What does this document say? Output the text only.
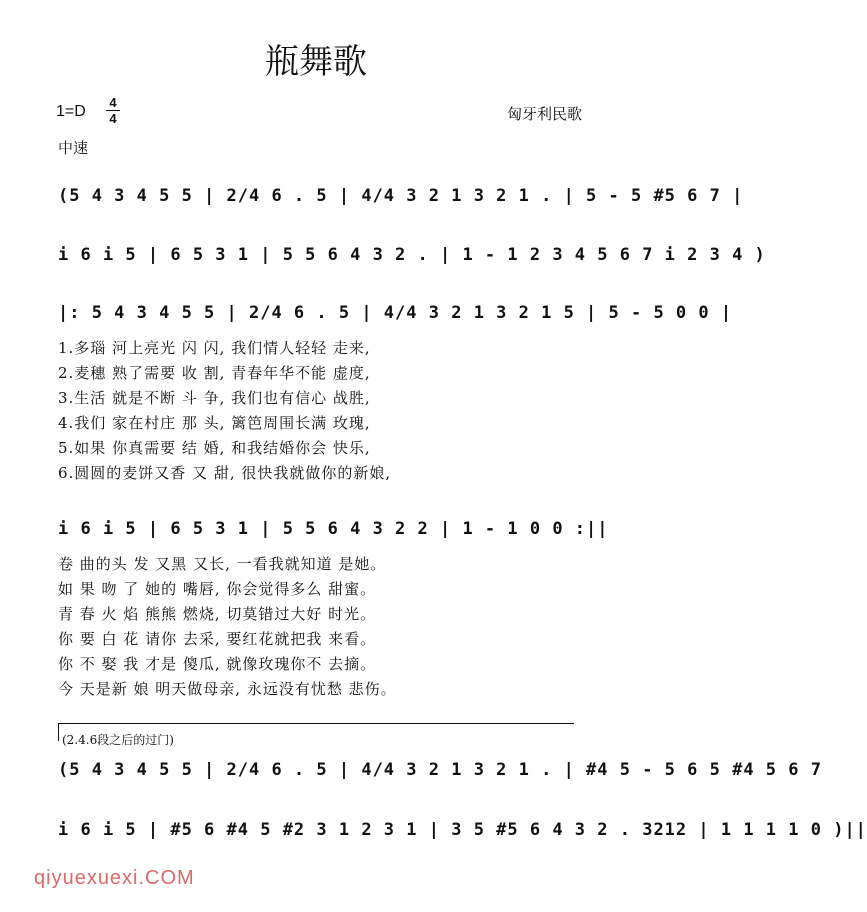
瓶舞歌
1=D
4
4	匈牙利民歌
中速
(5 4 3 4 5 5 | 2/4 6 . 5 | 4/4 3 2 1 3 2 1 . | 5 - 5 #5 6 7 |
i 6 i 5 | 6 5 3 1 | 5 5 6 4 3 2 . | 1 - 1 2 3 4 5 6 7 i 2 3 4 )
|: 5 4 3 4 5 5 | 2/4 6 . 5 | 4/4 3 2 1 3 2 1 5 | 5 - 5 0 0 |
1.多瑙 河上亮光 闪 闪, 我们情人轻轻 走来,
2.麦穗 熟了需要 收 割, 青春年华不能 虚度,
3.生活 就是不断 斗 争, 我们也有信心 战胜,
4.我们 家在村庄 那 头, 篱笆周围长满 玫瑰,
5.如果 你真需要 结 婚, 和我结婚你会 快乐,
6.圆圆的麦饼又香 又 甜, 很快我就做你的新娘,
i 6 i 5 | 6 5 3 1 | 5 5 6 4 3 2 2 | 1 - 1 0 0 :||
卷 曲的头 发 又黑 又长, 一看我就知道 是她。
如 果 吻 了 她的 嘴唇, 你会觉得多么 甜蜜。
青 春 火 焰 熊熊 燃烧, 切莫错过大好 时光。
你 要 白 花 请你 去采, 要红花就把我 来看。
你 不 娶 我 才是 傻瓜, 就像玫瑰你不 去摘。
今 天是新 娘 明天做母亲, 永远没有忧愁 悲伤。
(2.4.6段之后的过门)
(5 4 3 4 5 5 | 2/4 6 . 5 | 4/4 3 2 1 3 2 1 . | #4 5 - 5 6 5 #4 5 6 7
i 6 i 5 | #5 6 #4 5 #2 3 1 2 3 1 | 3 5 #5 6 4 3 2 . 3212 | 1 1 1 1 0 )||
qiyuexuexi.COM
